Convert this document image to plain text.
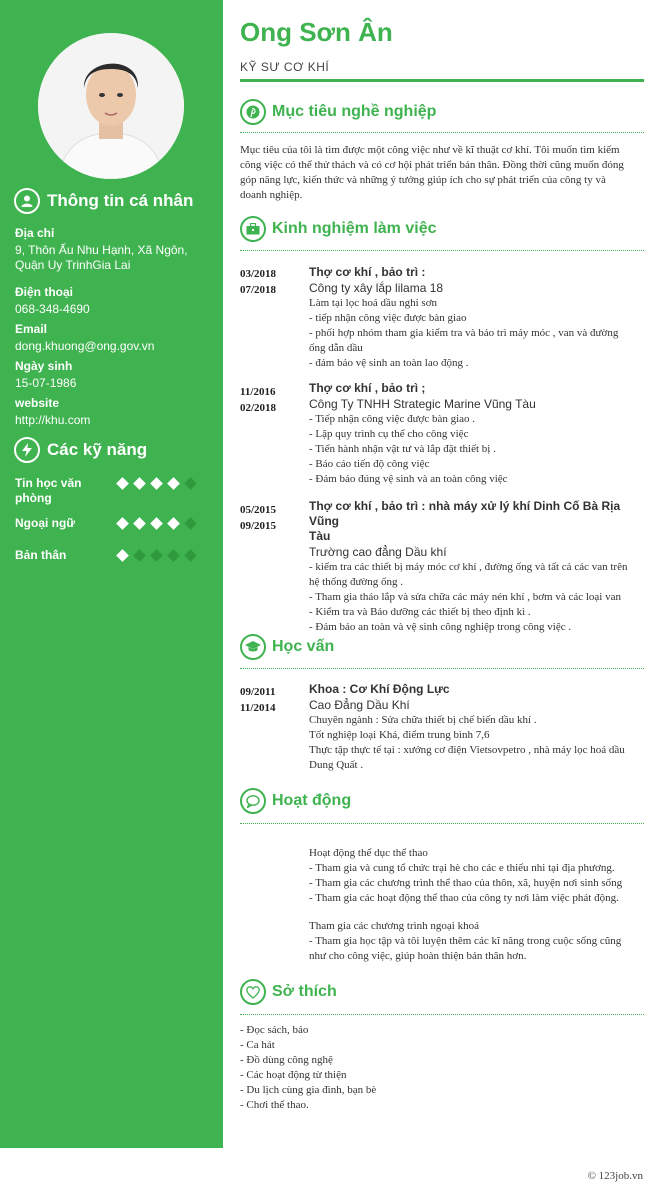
Thông tin cá nhân
Địa chỉ
9, Thôn Ấu Nhu Hạnh, Xã Ngôn, Quận Uy TrinhGia Lai
Điện thoại
068-348-4690
Email
dong.khuong@ong.gov.vn
Ngày sinh
15-07-1986
website
http://khu.com
Các kỹ năng
Tin học văn phòng
Ngoại ngữ
Bản thân
Ong Sơn Ân
KỸ SƯ CƠ KHÍ
Mục tiêu nghề nghiệp
Mục tiêu của tôi là tìm được một công việc như về kĩ thuật cơ khí. Tôi muốn tìm kiếm
công việc có thể thử thách và có cơ hội phát triển bản thân. Đồng thời cũng muốn đóng
góp năng lực, kiến thức và những ý tưởng giúp ích cho sự phát triển của công ty và
doanh nghiệp.
Kinh nghiệm làm việc
03/2018
07/2018
Thợ cơ khí , bảo trì :
Công ty xây lắp lilama 18
Làm tại lọc hoá dầu nghi sơn
- tiếp nhận công việc được bàn giao
- phối hợp nhóm tham gia kiểm tra và bảo trì máy móc , van và đường
ống dẫn dầu
- đảm bảo vệ sinh an toàn lao động .
11/2016
02/2018
Thợ cơ khí , bảo trì ;
Công Ty TNHH Strategic Marine Vũng Tàu
- Tiếp nhận công việc được bàn giao .
- Lập quy trình cụ thể cho công việc
- Tiến hành nhận vật tư và lắp đặt thiết bị .
- Báo cáo tiến độ công việc
- Đảm bảo đúng vệ sinh và an toàn công việc
05/2015
09/2015
Thợ cơ khí , bảo trì : nhà máy xử lý khí Dinh Cố Bà Rịa Vũng
Tàu
Trường cao đẳng Dầu khí
- kiểm tra các thiết bị máy móc cơ khí , đường ống và tất cả các van trên
hệ thống đường ống .
- Tham gia tháo lắp và sửa chữa các máy nén khí , bơm và các loại van
- Kiểm tra và Bảo dưỡng các thiết bị theo định kì .
- Đảm bảo an toàn và vệ sinh công nghiệp trong công việc .
Học vấn
09/2011
11/2014
Khoa : Cơ Khí Động Lực
Cao Đẳng Dầu Khí
Chuyên ngành : Sửa chữa thiết bị chế biến dầu khí .
Tốt nghiệp loại Khá, điểm trung bình 7,6
Thực tập thực tế tại : xưởng cơ điện Vietsovpetro , nhà máy lọc hoá dầu
Dung Quất .
Hoạt động
Hoạt động thể dục thể thao
- Tham gia và cung tổ chức trại hè cho các e thiếu nhi tại địa phương.
- Tham gia các chương trình thể thao của thôn, xã, huyện nơi sinh sống
- Tham gia các hoạt động thể thao của công ty nơi làm việc phát động.
Tham gia các chương trình ngoại khoá
- Tham gia học tập và tôi luyện thêm các kĩ năng trong cuộc sống cũng
như cho công việc, giúp hoàn thiện bản thân hơn.
Sở thích
- Đọc sách, báo
- Ca hát
- Đồ dùng công nghệ
- Các hoạt động từ thiện
- Du lịch cùng gia đình, bạn bè
- Chơi thể thao.
© 123job.vn
